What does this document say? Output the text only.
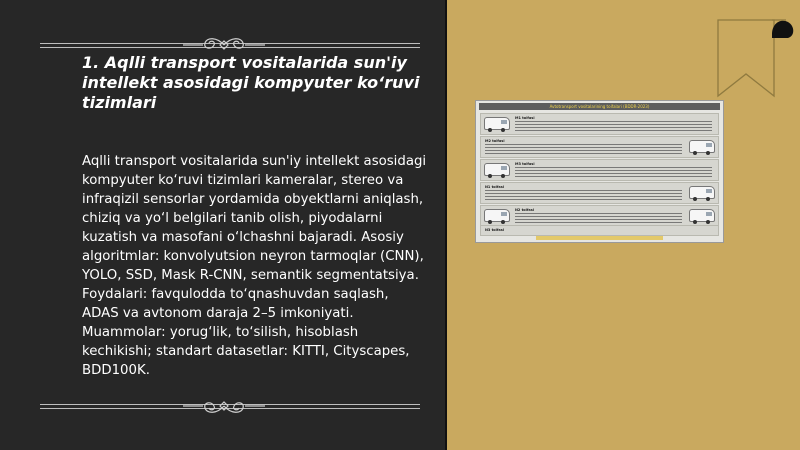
1. Aqlli transport vositalarida sun'iy intellekt asosidagi kompyuter ko‘ruvi tizimlari

Aqlli transport vositalarida sun'iy intellekt asosidagi kompyuter ko‘ruvi tizimlari kameralar, stereo va infraqizil sensorlar yordamida obyektlarni aniqlash, chiziq va yo‘l belgilari tanib olish, piyodalarni kuzatish va masofani o‘lchashni bajaradi. Asosiy algoritmlar: konvolyutsion neyron tarmoqlar (CNN), YOLO, SSD, Mask R-CNN, semantik segmentatsiya. Foydalari: favqulodda to‘qnashuvdan saqlash, ADAS va avtonom daraja 2–5 imkoniyati. Muammolar: yorug‘lik, to‘silish, hisoblash kechikishi; standart datasetlar: KITTI, Cityscapes, BDD100K.

Avtotransport vositalarining toifalari (BDDR-2023)
M1 toifasi
M2 toifasi
M3 toifasi
N1 toifasi
N2 toifasi
N3 toifasi
